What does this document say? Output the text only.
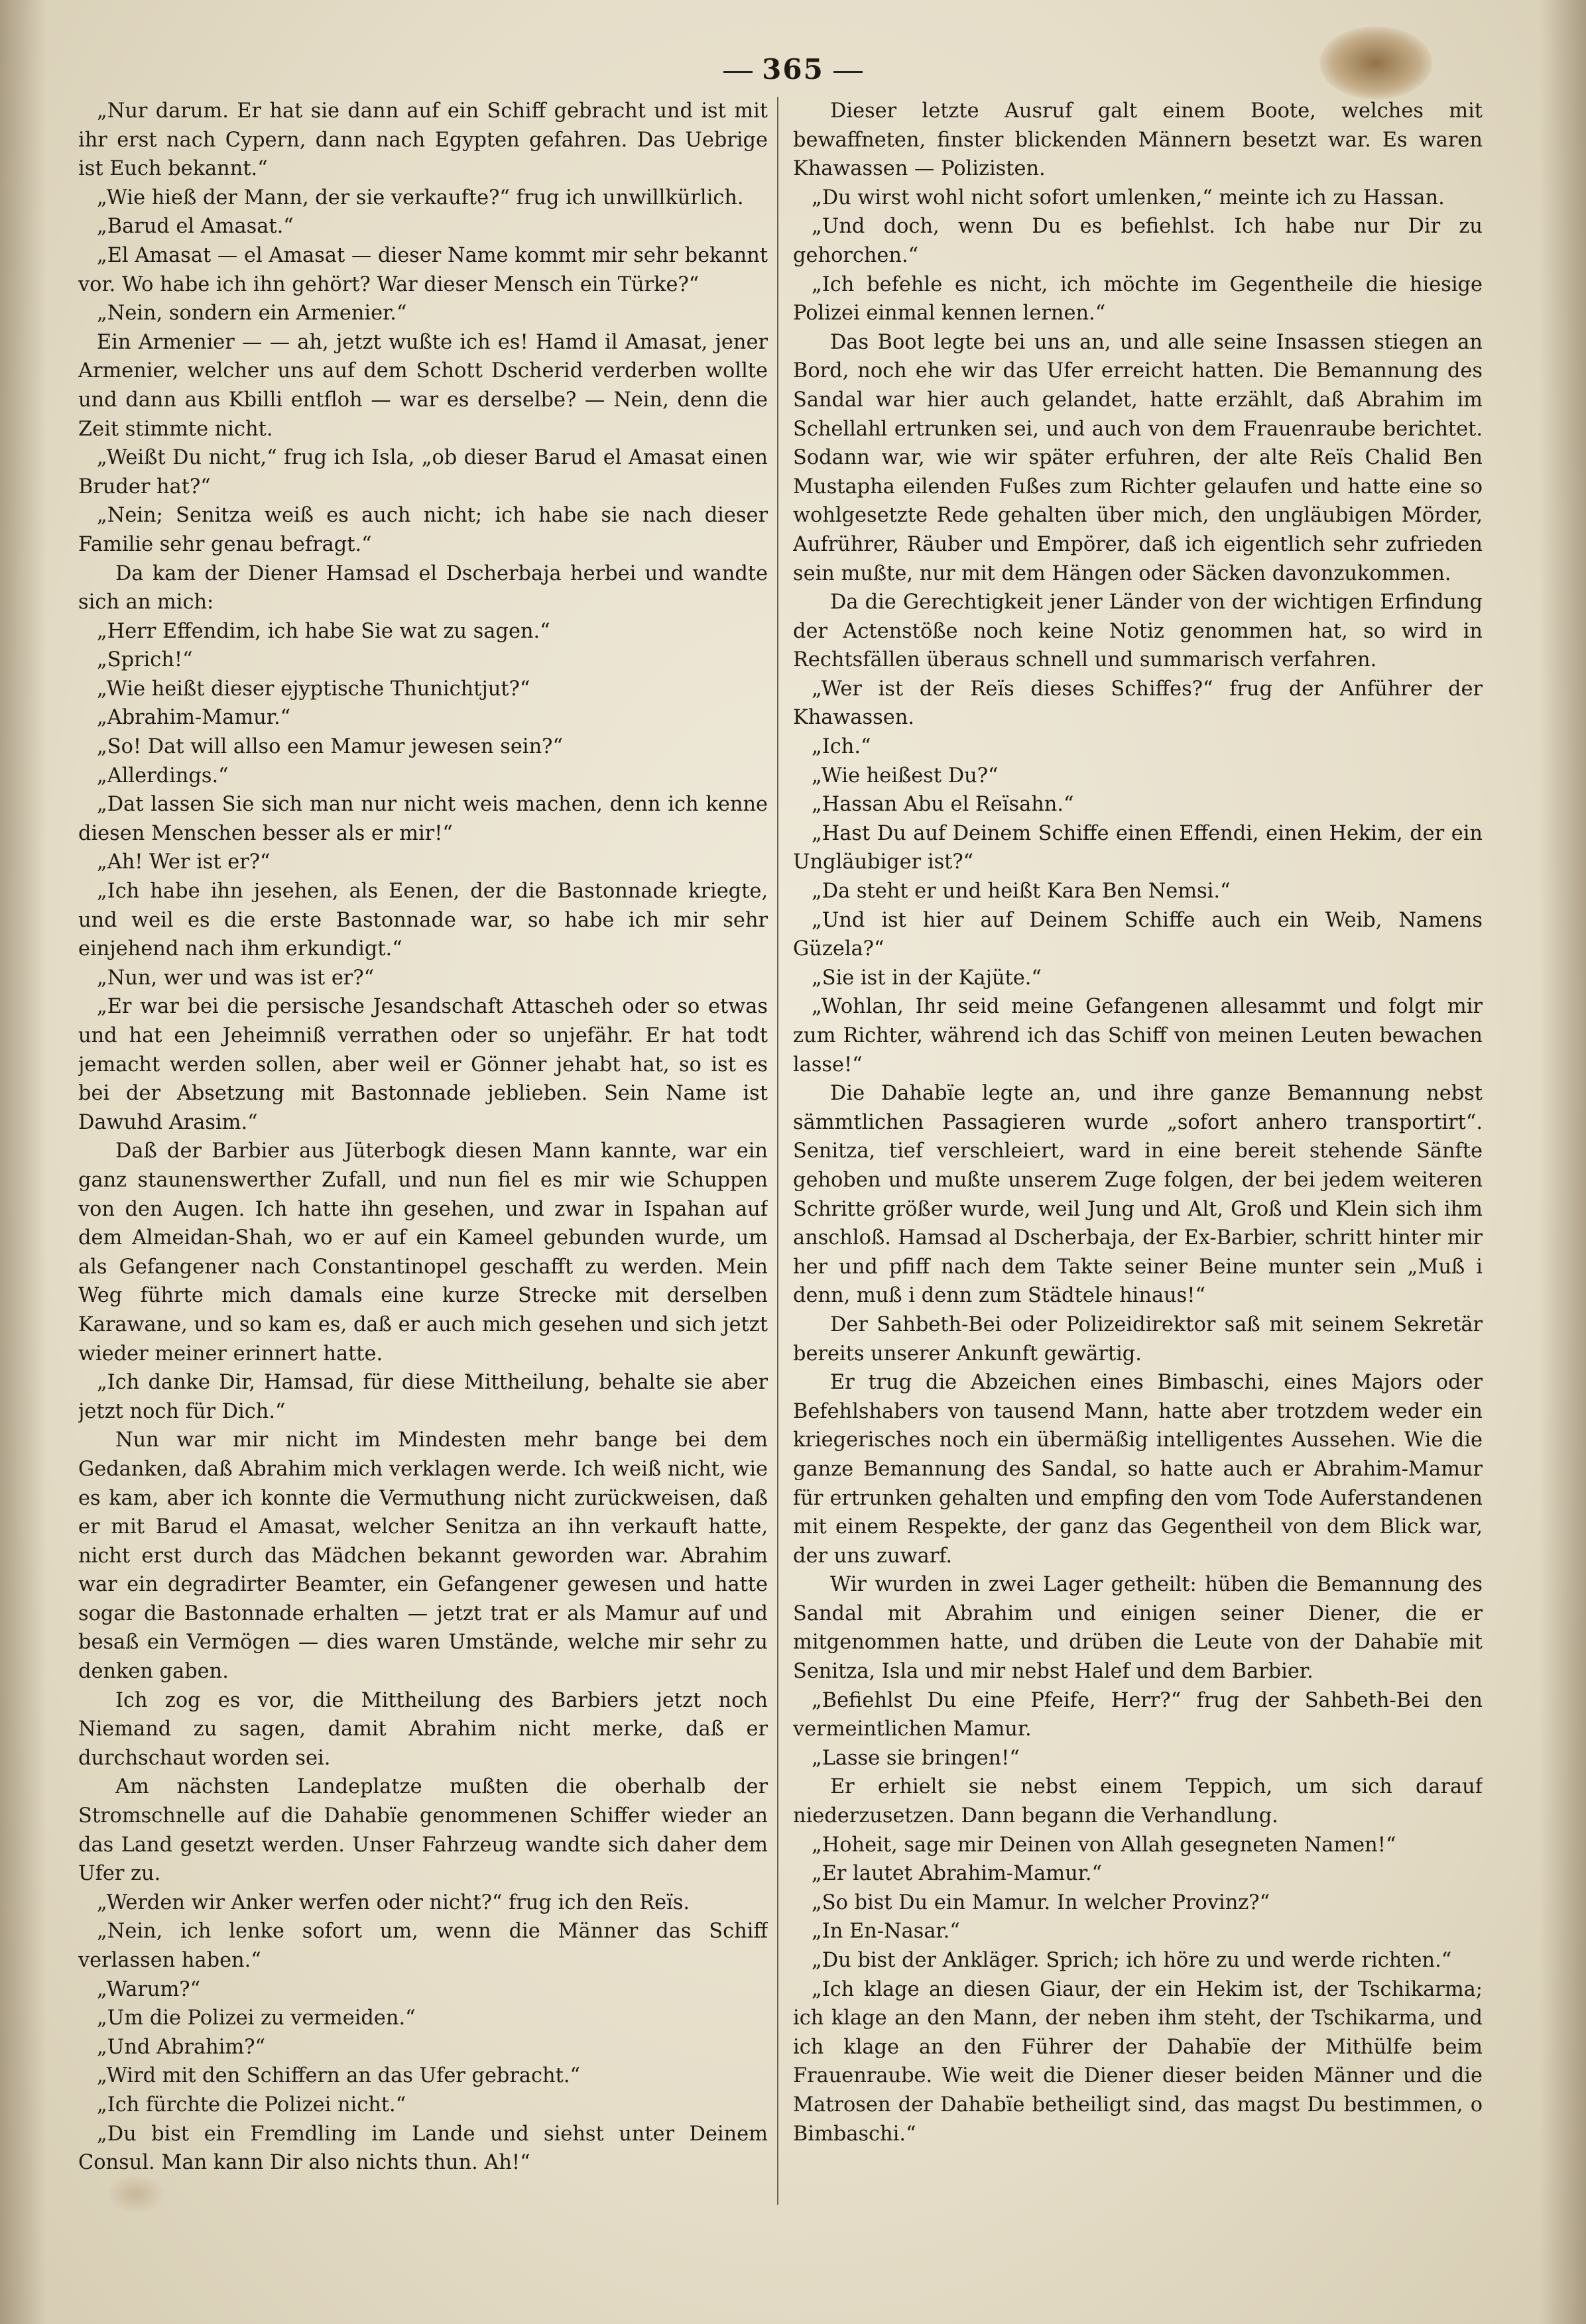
365

„Nur darum. Er hat sie dann auf ein Schiff gebracht und ist mit ihr erst nach Cypern, dann nach Egypten gefahren. Das Uebrige ist Euch bekannt.“

„Wie hieß der Mann, der sie verkaufte?“ frug ich unwillkürlich.

„Barud el Amasat.“

„El Amasat — el Amasat — dieser Name kommt mir sehr bekannt vor. Wo habe ich ihn gehört? War dieser Mensch ein Türke?“

„Nein, sondern ein Armenier.“

Ein Armenier — — ah, jetzt wußte ich es! Hamd il Amasat, jener Armenier, welcher uns auf dem Schott Dscherid verderben wollte und dann aus Kbilli entfloh — war es derselbe? — Nein, denn die Zeit stimmte nicht.

„Weißt Du nicht,“ frug ich Isla, „ob dieser Barud el Amasat einen Bruder hat?“

„Nein; Senitza weiß es auch nicht; ich habe sie nach dieser Familie sehr genau befragt.“

Da kam der Diener Hamsad el Dscherbaja herbei und wandte sich an mich:

„Herr Effendim, ich habe Sie wat zu sagen.“

„Sprich!“

„Wie heißt dieser ejyptische Thunichtjut?“

„Abrahim-Mamur.“

„So! Dat will allso een Mamur jewesen sein?“

„Allerdings.“

„Dat lassen Sie sich man nur nicht weis machen, denn ich kenne diesen Menschen besser als er mir!“

„Ah! Wer ist er?“

„Ich habe ihn jesehen, als Eenen, der die Bastonnade kriegte, und weil es die erste Bastonnade war, so habe ich mir sehr einjehend nach ihm erkundigt.“

„Nun, wer und was ist er?“

„Er war bei die persische Jesandschaft Attascheh oder so etwas und hat een Jeheimniß verrathen oder so unjefähr. Er hat todt jemacht werden sollen, aber weil er Gönner jehabt hat, so ist es bei der Absetzung mit Bastonnade jeblieben. Sein Name ist Dawuhd Arasim.“

Daß der Barbier aus Jüterbogk diesen Mann kannte, war ein ganz staunenswerther Zufall, und nun fiel es mir wie Schuppen von den Augen. Ich hatte ihn gesehen, und zwar in Ispahan auf dem Almeidan-Shah, wo er auf ein Kameel gebunden wurde, um als Gefangener nach Constantinopel geschafft zu werden. Mein Weg führte mich damals eine kurze Strecke mit derselben Karawane, und so kam es, daß er auch mich gesehen und sich jetzt wieder meiner erinnert hatte.

„Ich danke Dir, Hamsad, für diese Mittheilung, behalte sie aber jetzt noch für Dich.“

Nun war mir nicht im Mindesten mehr bange bei dem Gedanken, daß Abrahim mich verklagen werde. Ich weiß nicht, wie es kam, aber ich konnte die Vermuthung nicht zurückweisen, daß er mit Barud el Amasat, welcher Senitza an ihn verkauft hatte, nicht erst durch das Mädchen bekannt geworden war. Abrahim war ein degradirter Beamter, ein Gefangener gewesen und hatte sogar die Bastonnade erhalten — jetzt trat er als Mamur auf und besaß ein Vermögen — dies waren Umstände, welche mir sehr zu denken gaben.

Ich zog es vor, die Mittheilung des Barbiers jetzt noch Niemand zu sagen, damit Abrahim nicht merke, daß er durchschaut worden sei.

Am nächsten Landeplatze mußten die oberhalb der Stromschnelle auf die Dahabïe genommenen Schiffer wieder an das Land gesetzt werden. Unser Fahrzeug wandte sich daher dem Ufer zu.

„Werden wir Anker werfen oder nicht?“ frug ich den Reïs.

„Nein, ich lenke sofort um, wenn die Männer das Schiff verlassen haben.“

„Warum?“

„Um die Polizei zu vermeiden.“

„Und Abrahim?“

„Wird mit den Schiffern an das Ufer gebracht.“

„Ich fürchte die Polizei nicht.“

„Du bist ein Fremdling im Lande und siehst unter Deinem Consul. Man kann Dir also nichts thun. Ah!“

Dieser letzte Ausruf galt einem Boote, welches mit bewaffneten, finster blickenden Männern besetzt war. Es waren Khawassen — Polizisten.

„Du wirst wohl nicht sofort umlenken,“ meinte ich zu Hassan.

„Und doch, wenn Du es befiehlst. Ich habe nur Dir zu gehorchen.“

„Ich befehle es nicht, ich möchte im Gegentheile die hiesige Polizei einmal kennen lernen.“

Das Boot legte bei uns an, und alle seine Insassen stiegen an Bord, noch ehe wir das Ufer erreicht hatten. Die Bemannung des Sandal war hier auch gelandet, hatte erzählt, daß Abrahim im Schellahl ertrunken sei, und auch von dem Frauenraube berichtet. Sodann war, wie wir später erfuhren, der alte Reïs Chalid Ben Mustapha eilenden Fußes zum Richter gelaufen und hatte eine so wohlgesetzte Rede gehalten über mich, den ungläubigen Mörder, Aufrührer, Räuber und Empörer, daß ich eigentlich sehr zufrieden sein mußte, nur mit dem Hängen oder Säcken davonzukommen.

Da die Gerechtigkeit jener Länder von der wichtigen Erfindung der Actenstöße noch keine Notiz genommen hat, so wird in Rechtsfällen überaus schnell und summarisch verfahren.

„Wer ist der Reïs dieses Schiffes?“ frug der Anführer der Khawassen.

„Ich.“

„Wie heißest Du?“

„Hassan Abu el Reïsahn.“

„Hast Du auf Deinem Schiffe einen Effendi, einen Hekim, der ein Ungläubiger ist?“

„Da steht er und heißt Kara Ben Nemsi.“

„Und ist hier auf Deinem Schiffe auch ein Weib, Namens Güzela?“

„Sie ist in der Kajüte.“

„Wohlan, Ihr seid meine Gefangenen allesammt und folgt mir zum Richter, während ich das Schiff von meinen Leuten bewachen lasse!“

Die Dahabïe legte an, und ihre ganze Bemannung nebst sämmtlichen Passagieren wurde „sofort anhero transportirt“. Senitza, tief verschleiert, ward in eine bereit stehende Sänfte gehoben und mußte unserem Zuge folgen, der bei jedem weiteren Schritte größer wurde, weil Jung und Alt, Groß und Klein sich ihm anschloß. Hamsad al Dscherbaja, der Ex-Barbier, schritt hinter mir her und pfiff nach dem Takte seiner Beine munter sein „Muß i denn, muß i denn zum Städtele hinaus!“

Der Sahbeth-Bei oder Polizeidirektor saß mit seinem Sekretär bereits unserer Ankunft gewärtig.

Er trug die Abzeichen eines Bimbaschi, eines Majors oder Befehlshabers von tausend Mann, hatte aber trotzdem weder ein kriegerisches noch ein übermäßig intelligentes Aussehen. Wie die ganze Bemannung des Sandal, so hatte auch er Abrahim-Mamur für ertrunken gehalten und empfing den vom Tode Auferstandenen mit einem Respekte, der ganz das Gegentheil von dem Blick war, der uns zuwarf.

Wir wurden in zwei Lager getheilt: hüben die Bemannung des Sandal mit Abrahim und einigen seiner Diener, die er mitgenommen hatte, und drüben die Leute von der Dahabïe mit Senitza, Isla und mir nebst Halef und dem Barbier.

„Befiehlst Du eine Pfeife, Herr?“ frug der Sahbeth-Bei den vermeintlichen Mamur.

„Lasse sie bringen!“

Er erhielt sie nebst einem Teppich, um sich darauf niederzusetzen. Dann begann die Verhandlung.

„Hoheit, sage mir Deinen von Allah gesegneten Namen!“

„Er lautet Abrahim-Mamur.“

„So bist Du ein Mamur. In welcher Provinz?“

„In En-Nasar.“

„Du bist der Ankläger. Sprich; ich höre zu und werde richten.“

„Ich klage an diesen Giaur, der ein Hekim ist, der Tschikarma; ich klage an den Mann, der neben ihm steht, der Tschikarma, und ich klage an den Führer der Dahabïe der Mithülfe beim Frauenraube. Wie weit die Diener dieser beiden Männer und die Matrosen der Dahabïe betheiligt sind, das magst Du bestimmen, o Bimbaschi.“
